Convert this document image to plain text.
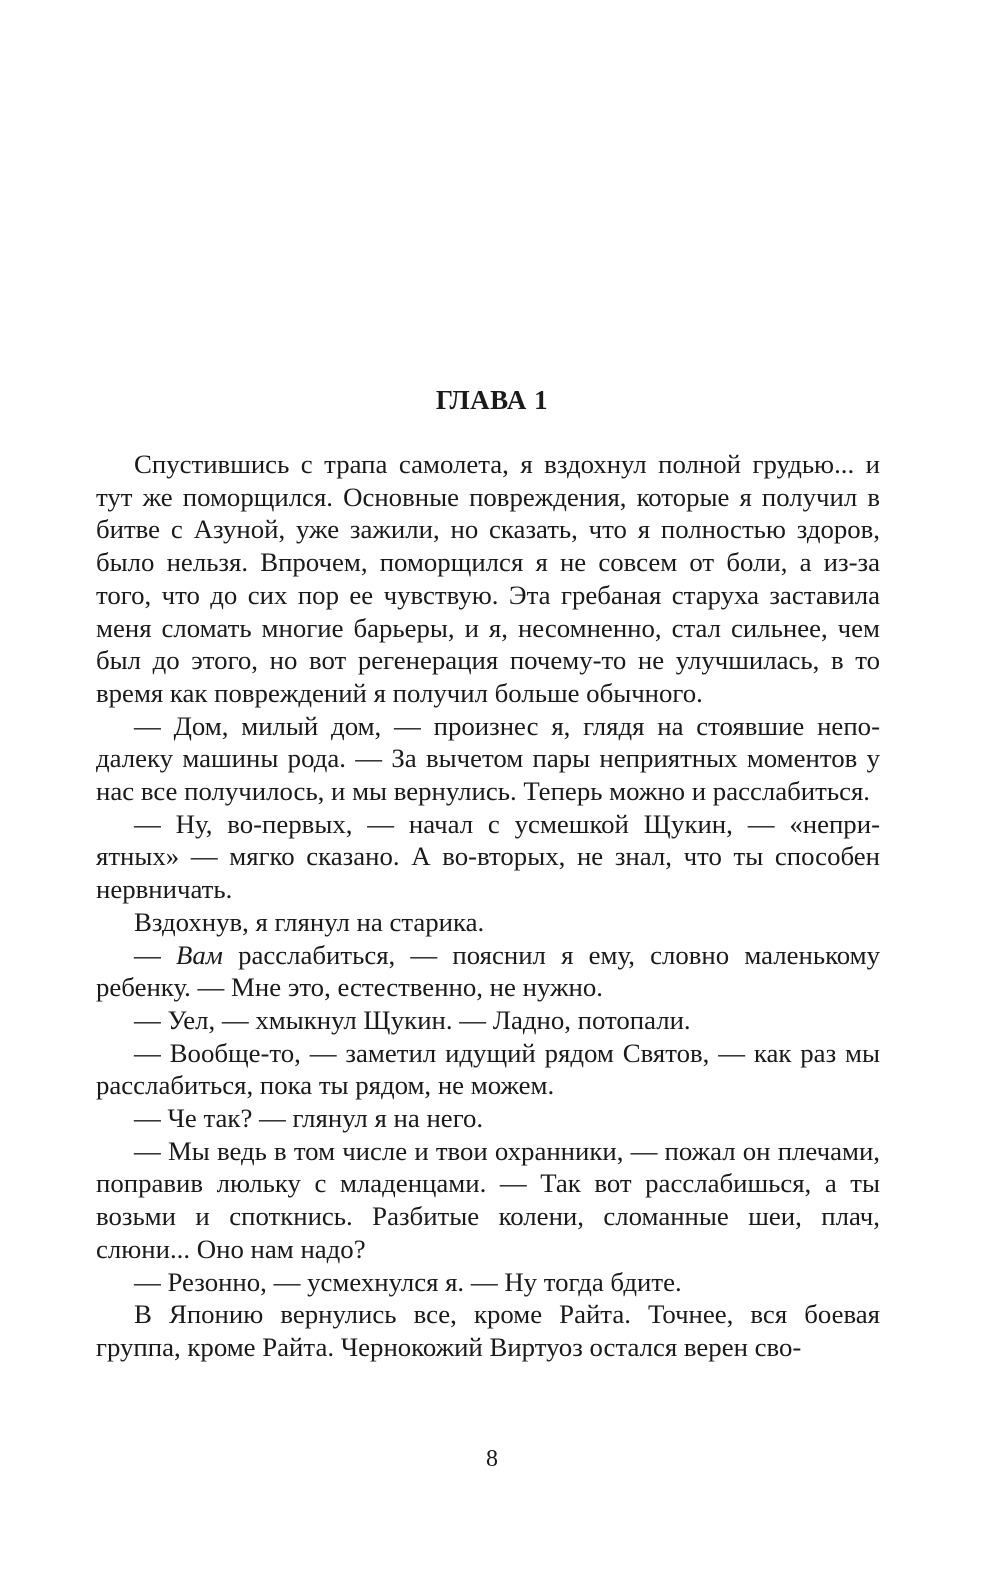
ГЛАВА 1

Спустившись с трапа самолета, я вздохнул полной грудью... и тут же поморщился. Основные повреждения, которые я получил в битве с Азуной, уже зажили, но сказать, что я полностью здоров, было нельзя. Впрочем, поморщился я не совсем от боли, а из-за того, что до сих пор ее чувствую. Эта гребаная старуха заставила меня сломать многие барьеры, и я, несомненно, стал сильнее, чем был до этого, но вот регенерация почему-то не улучшилась, в то время как повреждений я получил больше обычного.

— Дом, милый дом, — произнес я, глядя на стоявшие неподалеку машины рода. — За вычетом пары неприятных моментов у нас все получилось, и мы вернулись. Теперь можно и расслабиться.

— Ну, во-первых, — начал с усмешкой Щукин, — «неприятных» — мягко сказано. А во-вторых, не знал, что ты способен нервничать.

Вздохнув, я глянул на старика.

— Вам расслабиться, — пояснил я ему, словно маленькому ребенку. — Мне это, естественно, не нужно.

— Уел, — хмыкнул Щукин. — Ладно, потопали.

— Вообще-то, — заметил идущий рядом Святов, — как раз мы расслабиться, пока ты рядом, не можем.

— Че так? — глянул я на него.

— Мы ведь в том числе и твои охранники, — пожал он плечами, поправив люльку с младенцами. — Так вот расслабишься, а ты возьми и споткнись. Разбитые колени, сломанные шеи, плач, слюни... Оно нам надо?

— Резонно, — усмехнулся я. — Ну тогда бдите.

В Японию вернулись все, кроме Райта. Точнее, вся боевая группа, кроме Райта. Чернокожий Виртуоз остался верен сво-

8
